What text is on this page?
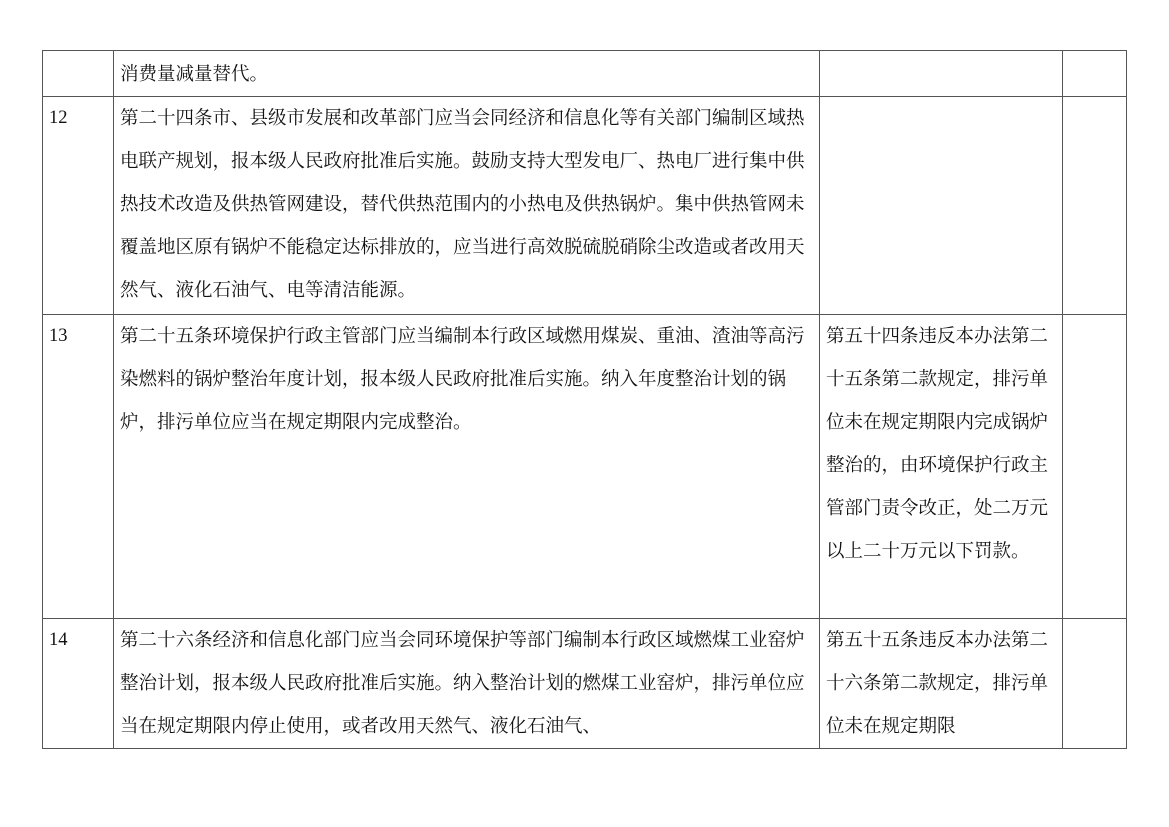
	消费量减量替代。		

12	第二十四条市、县级市发展和改革部门应当会同经济和信息化等有关部门编制区域热电联产规划，报本级人民政府批准后实施。鼓励支持大型发电厂、热电厂进行集中供热技术改造及供热管网建设，替代供热范围内的小热电及供热锅炉。集中供热管网未覆盖地区原有锅炉不能稳定达标排放的，应当进行高效脱硫脱硝除尘改造或者改用天然气、液化石油气、电等清洁能源。		

13	第二十五条环境保护行政主管部门应当编制本行政区域燃用煤炭、重油、渣油等高污染燃料的锅炉整治年度计划，报本级人民政府批准后实施。纳入年度整治计划的锅炉，排污单位应当在规定期限内完成整治。	第五十四条违反本办法第二十五条第二款规定，排污单位未在规定期限内完成锅炉整治的，由环境保护行政主管部门责令改正，处二万元以上二十万元以下罚款。	

14	第二十六条经济和信息化部门应当会同环境保护等部门编制本行政区域燃煤工业窑炉整治计划，报本级人民政府批准后实施。纳入整治计划的燃煤工业窑炉，排污单位应当在规定期限内停止使用，或者改用天然气、液化石油气、	第五十五条违反本办法第二十六条第二款规定，排污单位未在规定期限	
